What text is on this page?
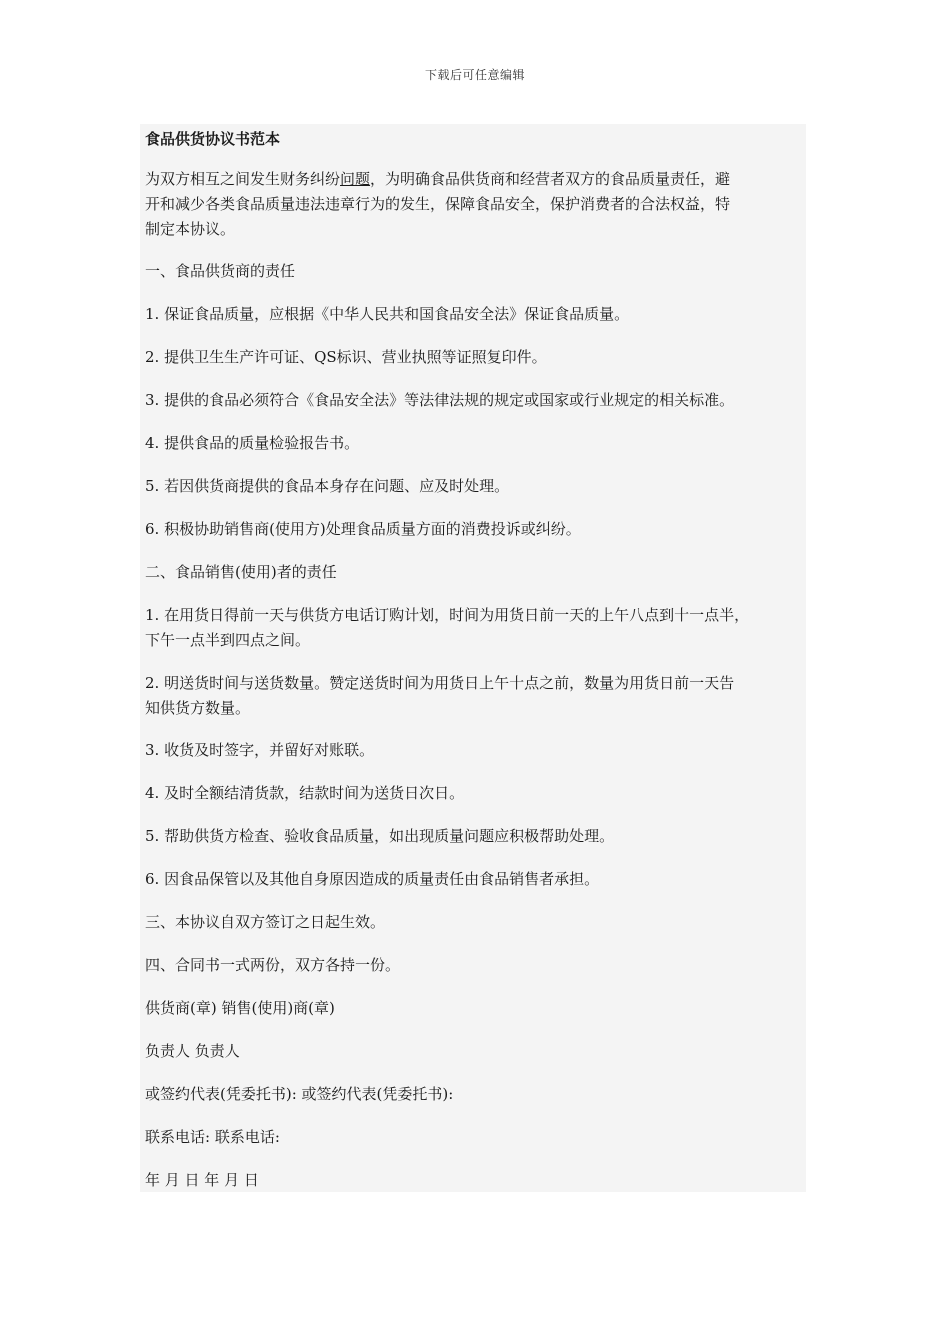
下载后可任意编辑
食品供货协议书范本

为双方相互之间发生财务纠纷问题，为明确食品供货商和经营者双方的食品质量责任，避
开和减少各类食品质量违法违章行为的发生，保障食品安全，保护消费者的合法权益，特
制定本协议。

一、食品供货商的责任

1. 保证食品质量，应根据《中华人民共和国食品安全法》保证食品质量。

2. 提供卫生生产许可证、QS标识、营业执照等证照复印件。

3. 提供的食品必须符合《食品安全法》等法律法规的规定或国家或行业规定的相关标准。

4. 提供食品的质量检验报告书。

5. 若因供货商提供的食品本身存在问题、应及时处理。

6. 积极协助销售商(使用方)处理食品质量方面的消费投诉或纠纷。

二、食品销售(使用)者的责任

1. 在用货日得前一天与供货方电话订购计划，时间为用货日前一天的上午八点到十一点半，
下午一点半到四点之间。

2. 明送货时间与送货数量。赞定送货时间为用货日上午十点之前，数量为用货日前一天告
知供货方数量。

3. 收货及时签字，并留好对账联。

4. 及时全额结清货款，结款时间为送货日次日。

5. 帮助供货方检查、验收食品质量，如出现质量问题应积极帮助处理。

6. 因食品保管以及其他自身原因造成的质量责任由食品销售者承担。

三、本协议自双方签订之日起生效。

四、合同书一式两份，双方各持一份。

供货商(章) 销售(使用)商(章)

负责人 负责人

或签约代表(凭委托书): 或签约代表(凭委托书):

联系电话: 联系电话:

年 月 日 年 月 日
